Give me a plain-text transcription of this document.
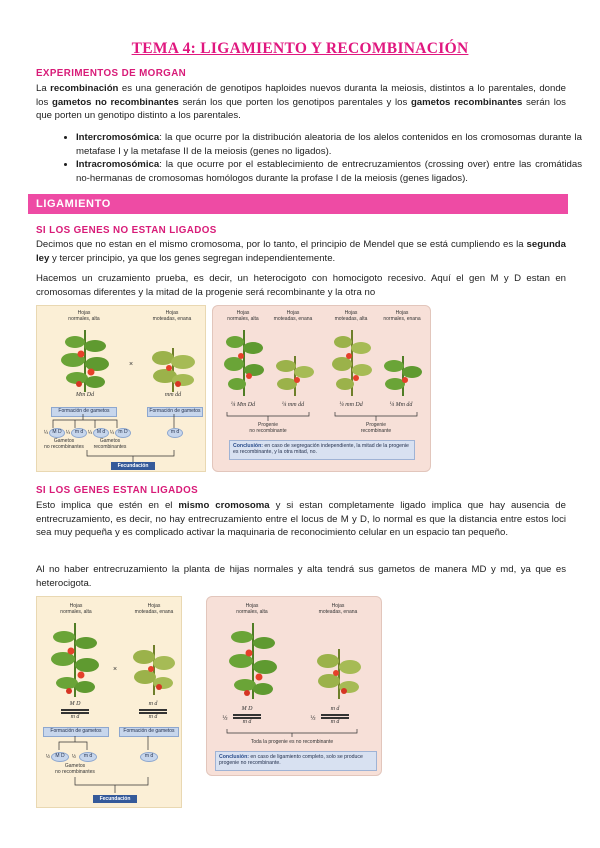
TEMA 4: LIGAMIENTO Y RECOMBINACIÓN
EXPERIMENTOS DE MORGAN
La recombinación es una generación de genotipos haploides nuevos duranta la meiosis, distintos a lo parentales, donde los gametos no recombinantes serán los que porten los genotipos parentales y los gametos recombinantes serán los que porten un genotipo distinto a los parentales.
• Intercromosómica: la que ocurre por la distribución aleatoria de los alelos contenidos en los cromosomas durante la metafase I y la metafase II de la meiosis (genes no ligados).
• Intracromosómica: la que ocurre por el establecimiento de entrecruzamientos (crossing over) entre las cromátidas no-hermanas de cromosomas homólogos durante la profase I de la meiosis (genes ligados).
LIGAMIENTO
SI LOS GENES NO ESTAN LIGADOS
Decimos que no estan en el mismo cromosoma, por lo tanto, el principio de Mendel que se está cumpliendo es la segunda ley y tercer principio, ya que los genes segregan independientemente.
Hacemos un cruzamiento prueba, es decir, un heterocigoto con homocigoto recesivo. Aquí el gen M y D estan en cromosomas diferentes y la mitad de la progenie será recombinante y la otra no
Hojas
normales, alta
Hojas
moteadas, enana
×
Mm Dd	mm dd
Formación de gametos	Formación de gametos
¼ M D ¼ m d ¼ M d ¼ m D	m d
Gametos
no recombinantes
Gametos
recombinantes
Fecundación
Hojas
normales, alta
Hojas
moteadas, enana
Hojas
moteadas, alta
Hojas
normales, enana
¼ Mm Dd	¼ mm dd	¼ mm Dd	¼ Mm dd
Progenie
no recombinante
Progenie
recombinante
Conclusión: en caso de segregación independiente, la mitad de la progenie es recombinante, y la otra mitad, no.
SI LOS GENES ESTAN LIGADOS
Esto implica que estén en el mismo cromosoma y si estan completamente ligado implica que hay ausencia de entrecruzamiento, es decir, no hay entrecruzamiento entre el locus de M y D, lo normal es que la distancia entre estos loci sea muy pequeña y es complicado activar la maquinaria de reconocimiento celular en un espacio tan pequeño.
Al no haber entrecruzamiento la planta de hijas normales y alta tendrá sus gametos de manera MD y md, ya que es heterocigota.
Hojas
normales, alta
Hojas
moteadas, enana
×
M D
m d
m d
m d
Formación de gametos	Formación de gametos
½	M D	½	m d	m d
Gametos
no recombinantes
Fecundación
Hojas
normales, alta
Hojas
moteadas, enana
½
M D
m d	½
m d
m d
Toda la progenie es no recombinante
Conclusión: en caso de ligamiento completo, solo se produce progenie no recombinante.
